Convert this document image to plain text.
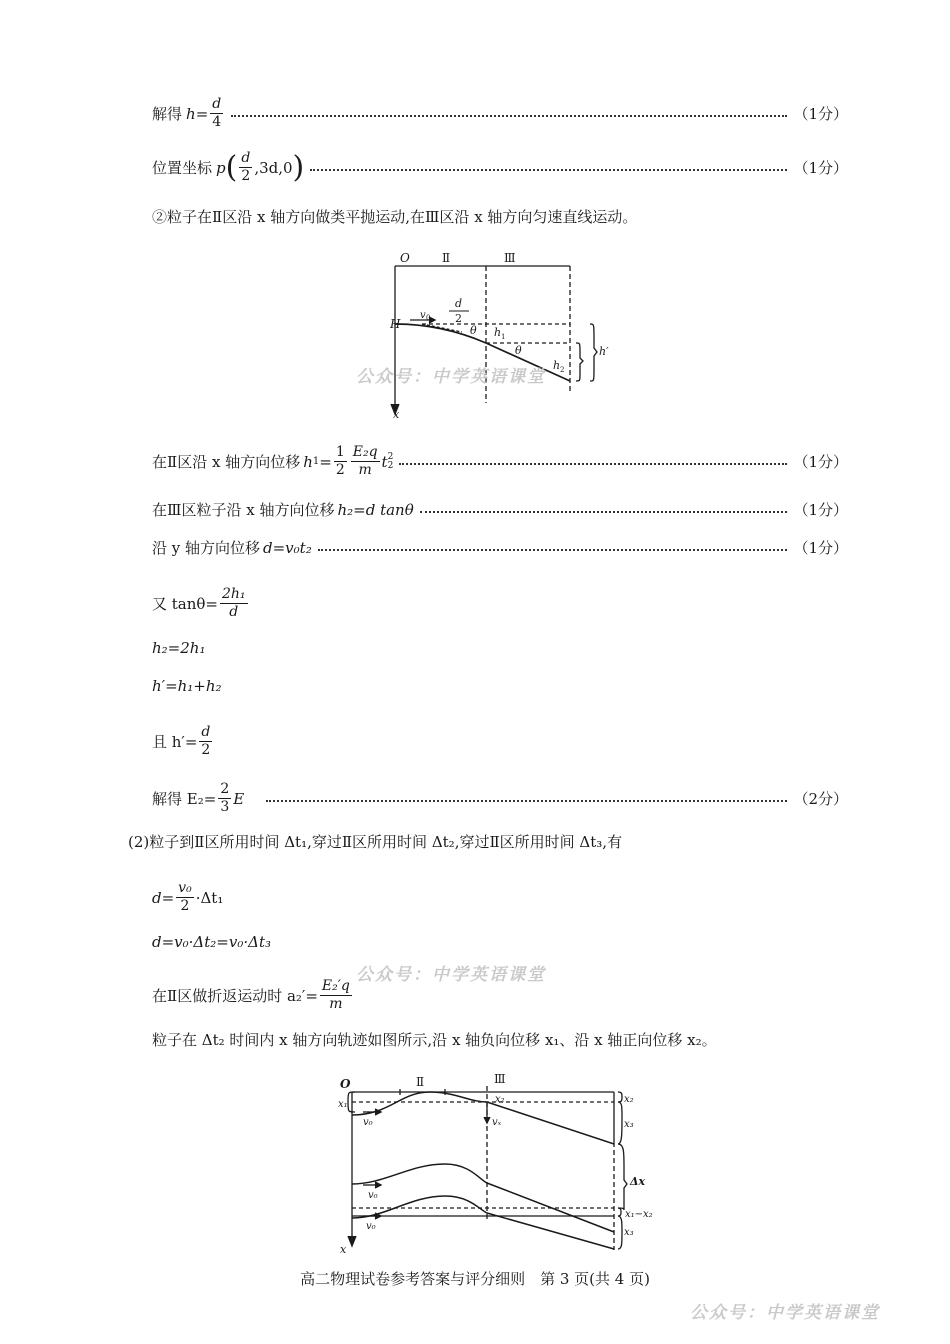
解得 $h = \frac{d}{4}$	（1分）
位置坐标 p ( $\frac{d}{2} ,3d,0$ )	（1分）
②粒子在Ⅱ区沿 x 轴方向做类平抛运动,在Ⅲ区沿 x 轴方向匀速直线运动。
O	Ⅱ	Ⅲ
H
x
v 0
d
2
θ h 1
θ
h 2
h′
公众号：中学英语课堂
在Ⅱ区沿 x 轴方向位移 h $1 = \frac{1}{2} \frac{\text{E₂q}}{m}$ t 2
2	（1分）
在Ⅲ区粒子沿 x 轴方向位移 h₂=d tanθ	（1分）
沿 y 轴方向位移 d=v₀t₂	（1分）
又 $\tan\theta= \frac{\text{2h₁}}{d}$
h₂=2h₁
h′=h₁+h₂
且 $h'= \frac{d}{2}$
解得 $E_2= \frac{2}{3}$ E	（2分）
(2)粒子到Ⅱ区所用时间 Δt₁,穿过Ⅱ区所用时间 Δt₂,穿过Ⅱ区所用时间 Δt₃,有
$d= \frac{\text{v₀}}{2} \cdot\Delta t_1$
d=v₀·Δt₂=v₀·Δt₃
在Ⅱ区做折返运动时 $a_2'= \frac{\text{E₂′q}}{m}$
公众号：中学英语课堂
粒子在 Δt₂ 时间内 x 轴方向轨迹如图所示,沿 x 轴负向位移 x₁、沿 x 轴正向位移 x₂。
O	Ⅱ	Ⅲ
x₁	x₂	x₂
x₃
v₀	vₓ
v₀
v₀
Δx
x₁−x₂
x₃
x
高二物理试卷参考答案与评分细则　第 3 页(共 4 页)
公众号：中学英语课堂
